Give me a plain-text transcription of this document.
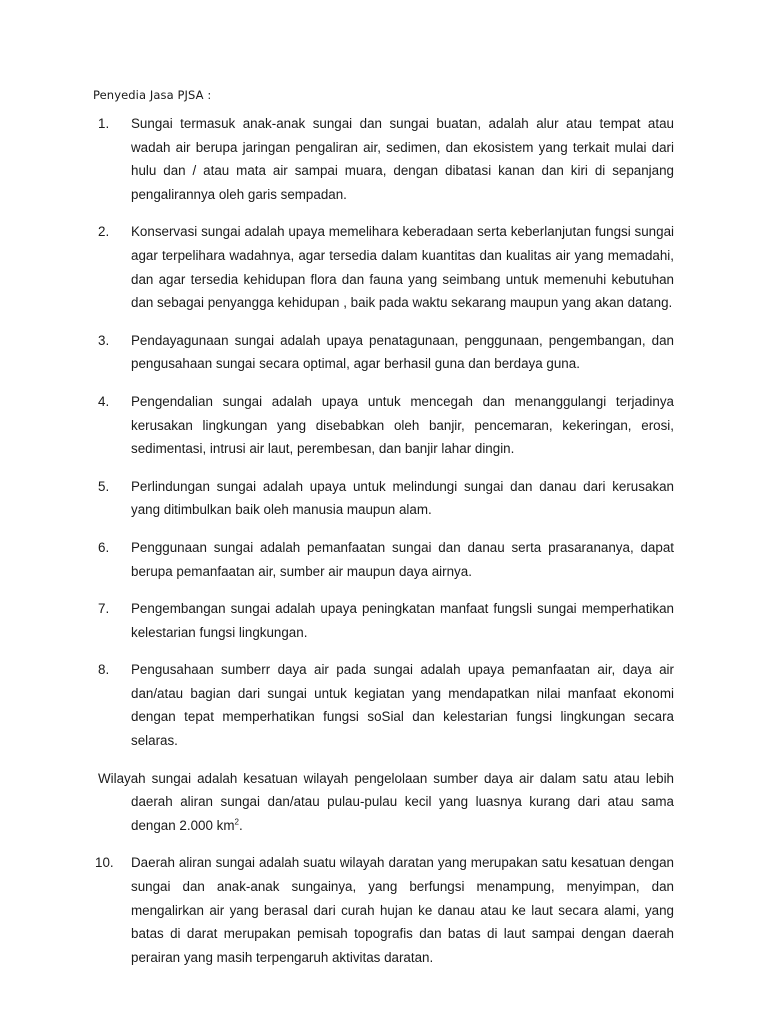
Penyedia Jasa PJSA :
1. Sungai termasuk anak-anak sungai dan sungai buatan, adalah alur atau tempat atau wadah air berupa jaringan pengaliran air, sedimen, dan ekosistem yang terkait mulai dari hulu dan / atau mata air sampai muara, dengan dibatasi kanan dan kiri di sepanjang pengalirannya oleh garis sempadan.
2. Konservasi sungai adalah upaya memelihara keberadaan serta keberlanjutan fungsi sungai agar terpelihara wadahnya, agar tersedia dalam kuantitas dan kualitas air yang memadahi, dan agar tersedia kehidupan flora dan fauna yang seimbang untuk memenuhi kebutuhan dan sebagai penyangga kehidupan , baik pada waktu sekarang maupun yang akan datang.
3. Pendayagunaan sungai adalah upaya penatagunaan, penggunaan, pengembangan, dan pengusahaan sungai secara optimal, agar berhasil guna dan berdaya guna.
4. Pengendalian sungai adalah upaya untuk mencegah dan menanggulangi terjadinya kerusakan lingkungan yang disebabkan oleh banjir, pencemaran, kekeringan, erosi, sedimentasi, intrusi air laut, perembesan, dan banjir lahar dingin.
5. Perlindungan sungai adalah upaya untuk melindungi sungai dan danau dari kerusakan yang ditimbulkan baik oleh manusia maupun alam.
6. Penggunaan sungai adalah pemanfaatan sungai dan danau serta prasarananya, dapat berupa pemanfaatan air, sumber air maupun daya airnya.
7. Pengembangan sungai adalah upaya peningkatan manfaat fungsli sungai memperhatikan kelestarian fungsi lingkungan.
8. Pengusahaan sumberr daya air pada sungai adalah upaya pemanfaatan air, daya air dan/atau bagian dari sungai untuk kegiatan yang mendapatkan nilai manfaat ekonomi dengan tepat memperhatikan fungsi soSial dan kelestarian fungsi lingkungan secara selaras.
Wilayah sungai adalah kesatuan wilayah pengelolaan sumber daya air dalam satu atau lebih daerah aliran sungai dan/atau pulau-pulau kecil yang luasnya kurang dari atau sama dengan 2.000 $km^2$.
10. Daerah aliran sungai adalah suatu wilayah daratan yang merupakan satu kesatuan dengan sungai dan anak-anak sungainya, yang berfungsi menampung, menyimpan, dan mengalirkan air yang berasal dari curah hujan ke danau atau ke laut secara alami, yang batas di darat merupakan pemisah topografis dan batas di laut sampai dengan daerah perairan yang masih terpengaruh aktivitas daratan.
